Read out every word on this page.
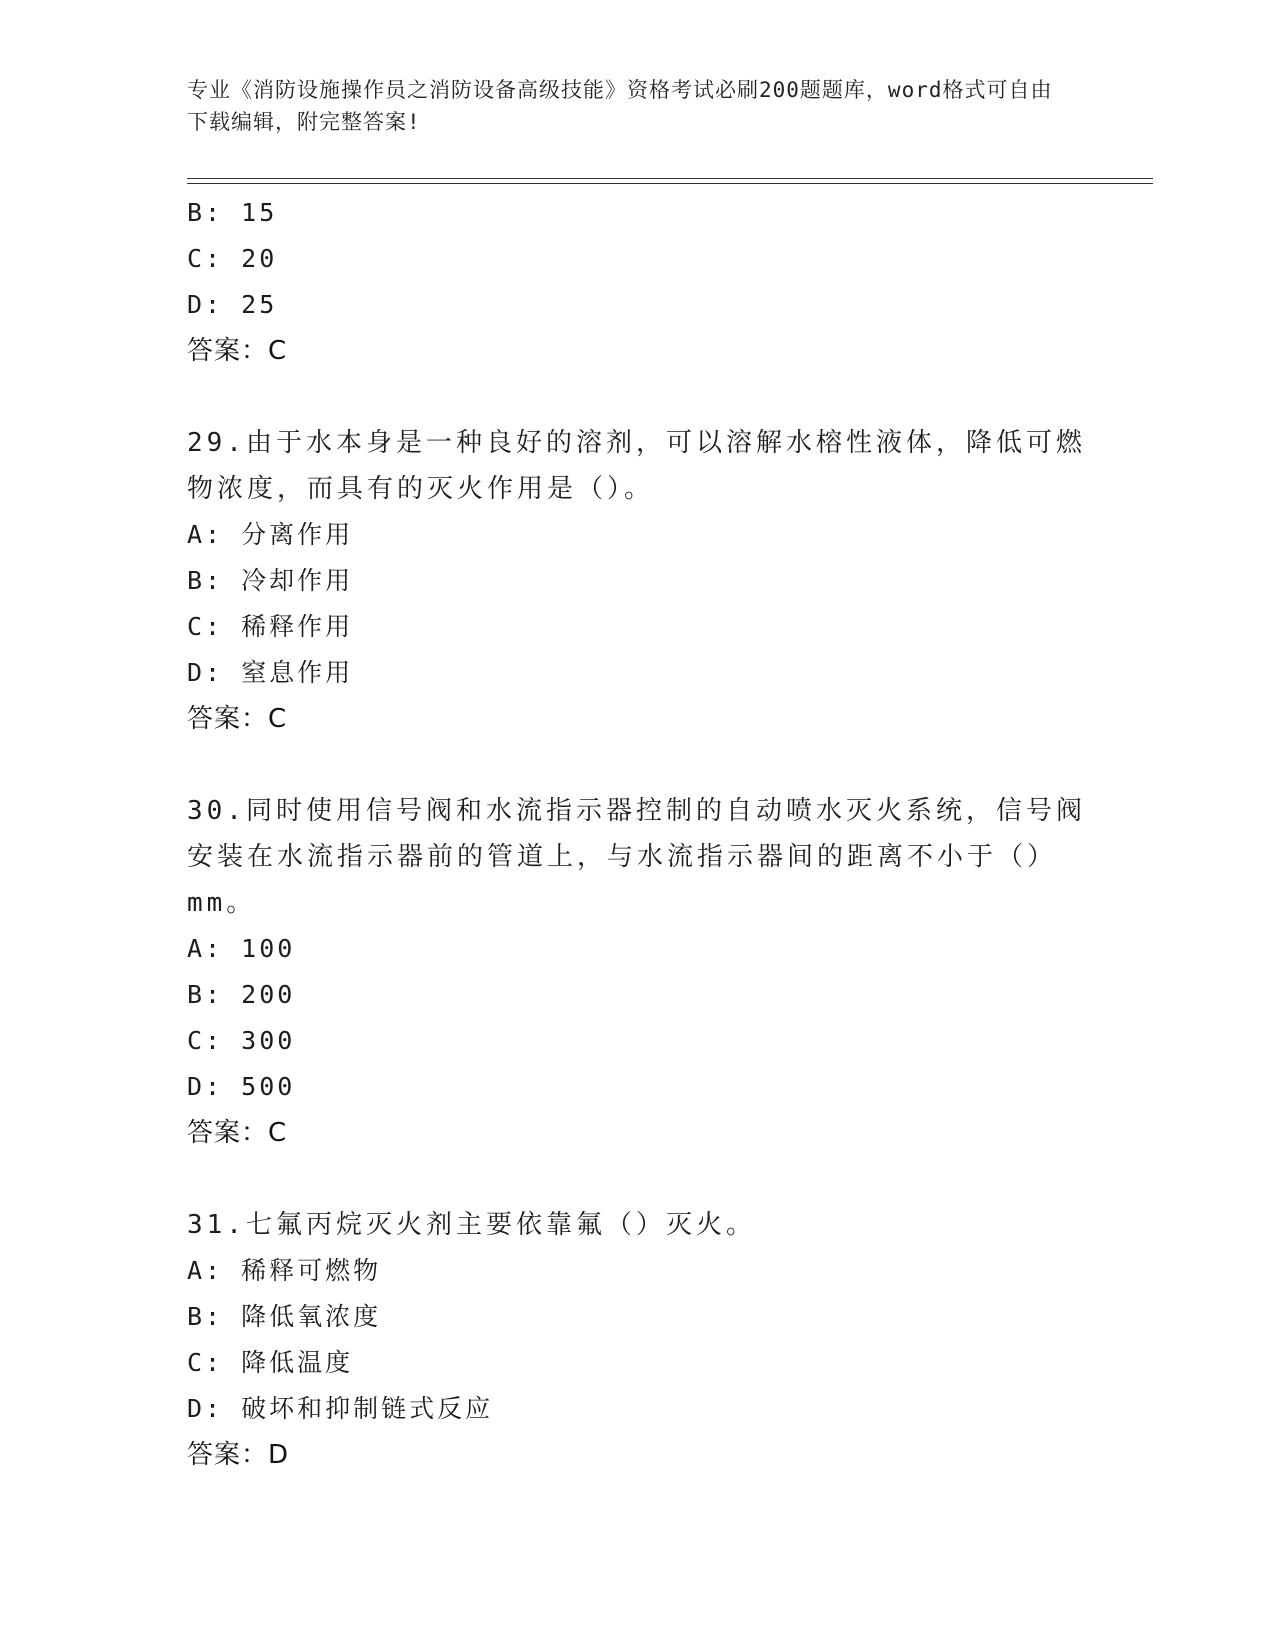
专业《消防设施操作员之消防设备高级技能》资格考试必刷200题题库，word格式可自由下载编辑，附完整答案!
B: 15
C: 20
D: 25
答案：C
29.由于水本身是一种良好的溶剂，可以溶解水榕性液体，降低可燃物浓度，而具有的灭火作用是（）。
A: 分离作用
B: 冷却作用
C: 稀释作用
D: 窒息作用
答案：C
30.同时使用信号阀和水流指示器控制的自动喷水灭火系统，信号阀安装在水流指示器前的管道上，与水流指示器间的距离不小于（）mm。
A: 100
B: 200
C: 300
D: 500
答案：C
31.七氟丙烷灭火剂主要依靠氟（）灭火。
A: 稀释可燃物
B: 降低氧浓度
C: 降低温度
D: 破坏和抑制链式反应
答案：D
